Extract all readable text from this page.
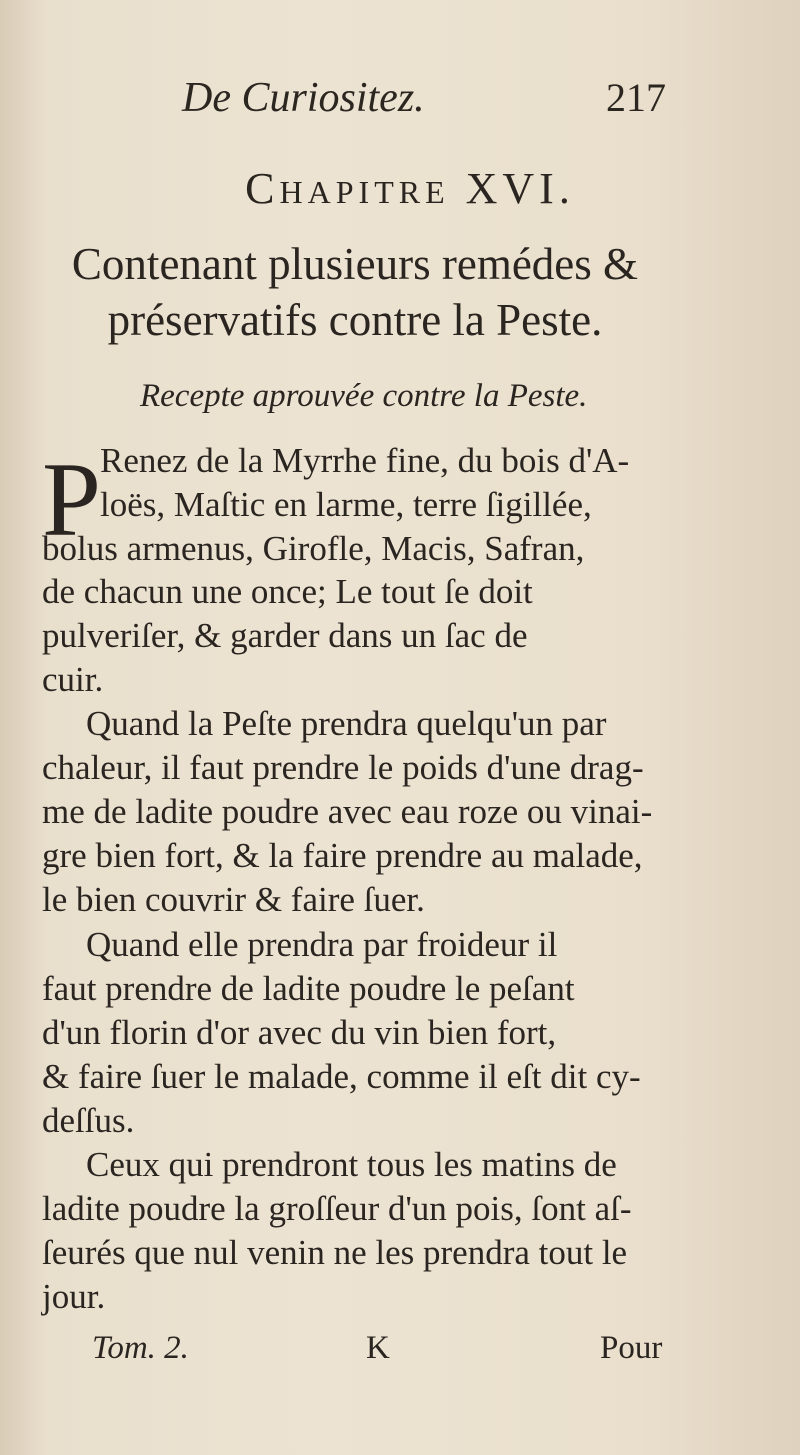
De Curiositez.	217
CHAPITRE XVI.
Contenant plusieurs remédes &
préservatifs contre la Peste.
Recepte aprouvée contre la Peste.
P Renez de la Myrrhe fine, du bois d'A-
loës, Maſtic en larme, terre ſigillée,
bolus armenus, Girofle, Macis, Safran,
de chacun une once; Le tout ſe doit
pulveriſer, & garder dans un ſac de
cuir.
Quand la Peſte prendra quelqu'un par
chaleur, il faut prendre le poids d'une drag-
me de ladite poudre avec eau roze ou vinai-
gre bien fort, & la faire prendre au malade,
le bien couvrir & faire ſuer.
Quand elle prendra par froideur il
faut prendre de ladite poudre le peſant
d'un florin d'or avec du vin bien fort,
& faire ſuer le malade, comme il eſt dit cy-
deſſus.
Ceux qui prendront tous les matins de
ladite poudre la groſſeur d'un pois, ſont aſ-
ſeurés que nul venin ne les prendra tout le
jour.
Tom. 2.	K	Pour
